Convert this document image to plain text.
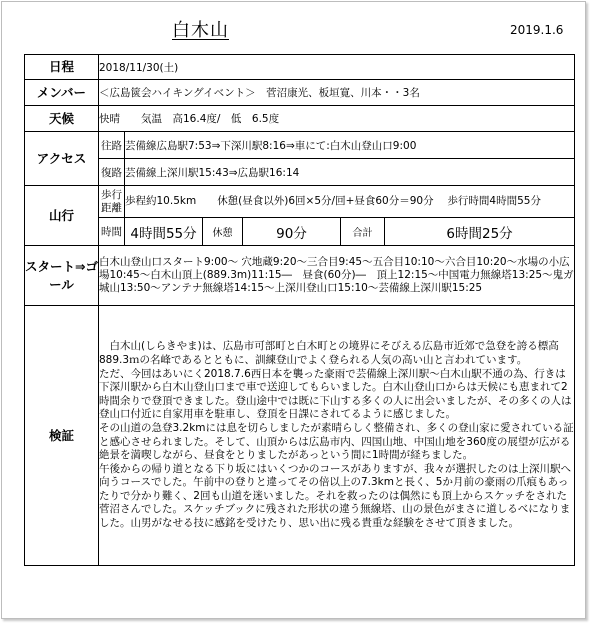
白木山	2019.1.6
日程	2018/11/30(土)					
メンバー	＜広島篋会ハイキングイベント＞　菅沼康光、板垣寛、川本・・3名					
天候	快晴　　気温　高16.4度/　低　6.5度					
アクセス	往路	芸備線広島駅7:53⇒下深川駅8:16⇒車にて:白木山登山口9:00				
	復路	芸備線上深川駅15:43⇒広島駅16:14				
山行	歩行距離	歩程約10.5km　　休憩(昼食以外)6回×5分/回+昼食60分＝90分　 歩行時間4時間55分				
	時間	4時間55分	休憩	90分	合計	6時間25分
スタート⇒ゴール	白木山登山口スタート9:00～ 穴地蔵9:20～三合目9:45～五合目10:10～六合目10:20～水場の小広場10:45～白木山頂上(889.3m)11:15―　昼食(60分)―　頂上12:15～中国電力無線塔13:25～鬼ガ城山13:50～アンテナ無線塔14:15～上深川登山口15:10～芸備線上深川駅15:25					
検証	　白木山(しらきやま)は、広島市可部町と白木町との境界にそびえる広島市近郊で急登を誇る標高889.3ｍの名峰であるとともに、訓練登山でよく登られる人気の高い山と言われています。

ただ、今回はあいにく2018.7.6西日本を襲った豪雨で芸備線上深川駅～白木山駅不通の為、行きは下深川駅から白木山登山口まで車で送迎してもらいました。白木山登山口からは天候にも恵まれて2時間余りで登頂できました。登山途中では既に下山する多くの人に出会いましたが、その多くの人は登山口付近に自家用車を駐車し、登頂を日課にされてるように感じました。

その山道の急登3.2kmには息を切らしましたが素晴らしく整備され、多くの登山家に愛されている証と感心させられました。そして、山頂からは広島市内、四国山地、中国山地を360度の展望が広がる絶景を満喫しながら、昼食をとりましたがあっという間に1時間が経ちました。

午後からの帰り道となる下り坂にはいくつかのコースがありますが、我々が選択したのは上深川駅へ向うコースでした。午前中の登りと違ってその倍以上の7.3kmと長く、5か月前の豪雨の爪痕もあったりで分かり難く、2回も山道を迷いました。それを救ったのは偶然にも頂上からスケッチをされた菅沼さんでした。スケッチブックに残された形状の違う無線塔、山の景色がまさに道しるべになりました。山男がなせる技に感銘を受けたり、思い出に残る貴重な経験をさせて頂きました。					
